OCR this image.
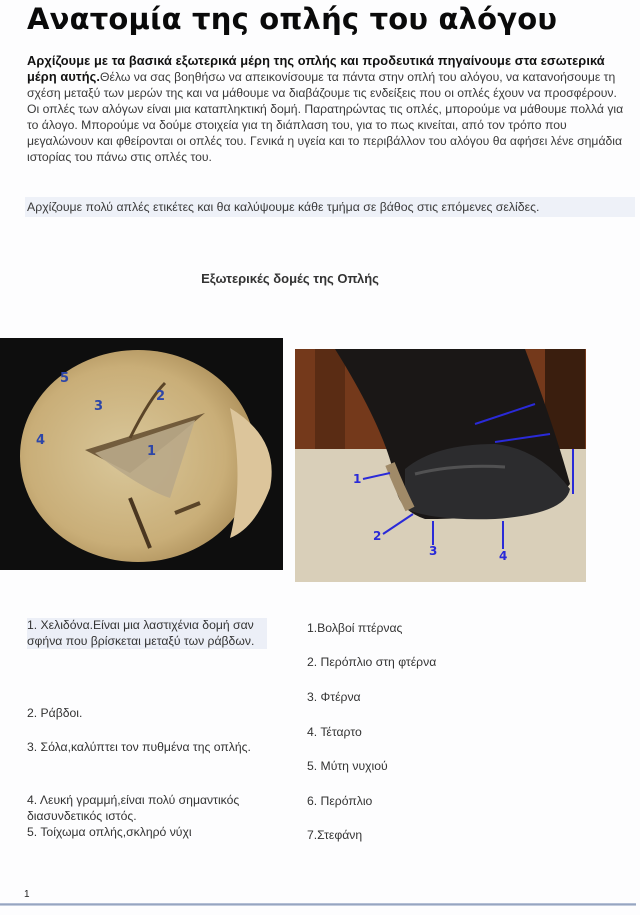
Ανατομία της οπλής του αλόγου

Αρχίζουμε με τα βασικά εξωτερικά μέρη της οπλής και προδευτικά πηγαίνουμε στα εσωτερικά μέρη αυτής.Θέλω να σας βοηθήσω να απεικονίσουμε τα πάντα στην οπλή του αλόγου, να κατανοήσουμε τη σχέση μεταξύ των μερών της και να μάθουμε να διαβάζουμε τις ενδείξεις που οι οπλές έχουν να προσφέρουν. Οι οπλές των αλόγων είναι μια καταπληκτική δομή. Παρατηρώντας τις οπλές, μπορούμε να μάθουμε πολλά για το άλογο. Μπορούμε να δούμε στοιχεία για τη διάπλαση του, για το πως κινείται, από τον τρόπο που μεγαλώνουν και φθείρονται οι οπλές του. Γενικά η υγεία και το περιβάλλον του αλόγου θα αφήσει λένε σημάδια ιστορίας του πάνω στις οπλές του.

Αρχίζουμε πολύ απλές ετικέτες και θα καλύψουμε κάθε τμήμα σε βάθος στις επόμενες σελίδες.

Εξωτερικές δομές της Οπλής
5
2
3
4
1
1
2
3	4
1. Χελιδόνα.Είναι μια λαστιχένια δομή σαν σφήνα που βρίσκεται μεταξύ των ράβδων.
2. Ράβδοι.
3. Σόλα,καλύπτει τον πυθμένα της οπλής.
4. Λευκή γραμμή,είναι πολύ σημαντικός διασυνδετικός ιστός.
5. Τοίχωμα οπλής,σκληρό νύχι
1.Βολβοί πτέρνας
2. Περόπλιο στη φτέρνα
3. Φτέρνα
4. Τέταρτο
5. Μύτη νυχιού
6. Περόπλιο
7.Στεφάνη
1
